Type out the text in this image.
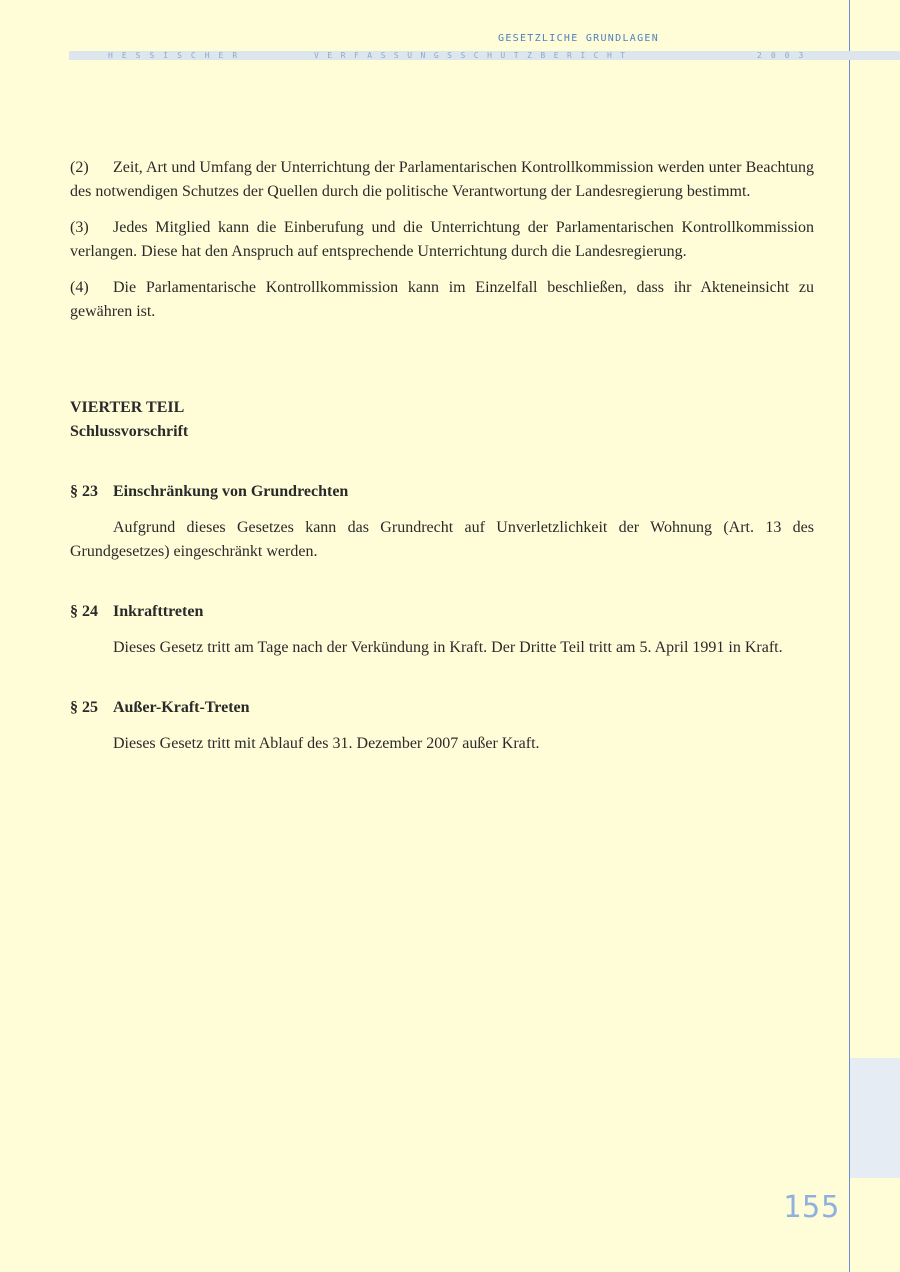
GESETZLICHE GRUNDLAGEN
HESSISCHER	VERFASSUNGSSCHUTZBERICHT	2003

(2) Zeit, Art und Umfang der Unterrichtung der Parlamentarischen Kontrollkommission werden unter Beachtung des notwendigen Schutzes der Quellen durch die politische Verantwortung der Landesregierung bestimmt.

(3) Jedes Mitglied kann die Einberufung und die Unterrichtung der Parlamentarischen Kontrollkommission verlangen. Diese hat den Anspruch auf entsprechende Unterrichtung durch die Landesregierung.

(4) Die Parlamentarische Kontrollkommission kann im Einzelfall beschließen, dass ihr Akteneinsicht zu gewähren ist.

VIERTER TEIL
Schlussvorschrift

§ 23 Einschränkung von Grundrechten

Aufgrund dieses Gesetzes kann das Grundrecht auf Unverletzlichkeit der Wohnung (Art. 13 des Grundgesetzes) eingeschränkt werden.

§ 24 Inkrafttreten

Dieses Gesetz tritt am Tage nach der Verkündung in Kraft. Der Dritte Teil tritt am 5. April 1991 in Kraft.

§ 25 Außer-Kraft-Treten

Dieses Gesetz tritt mit Ablauf des 31. Dezember 2007 außer Kraft.

155
